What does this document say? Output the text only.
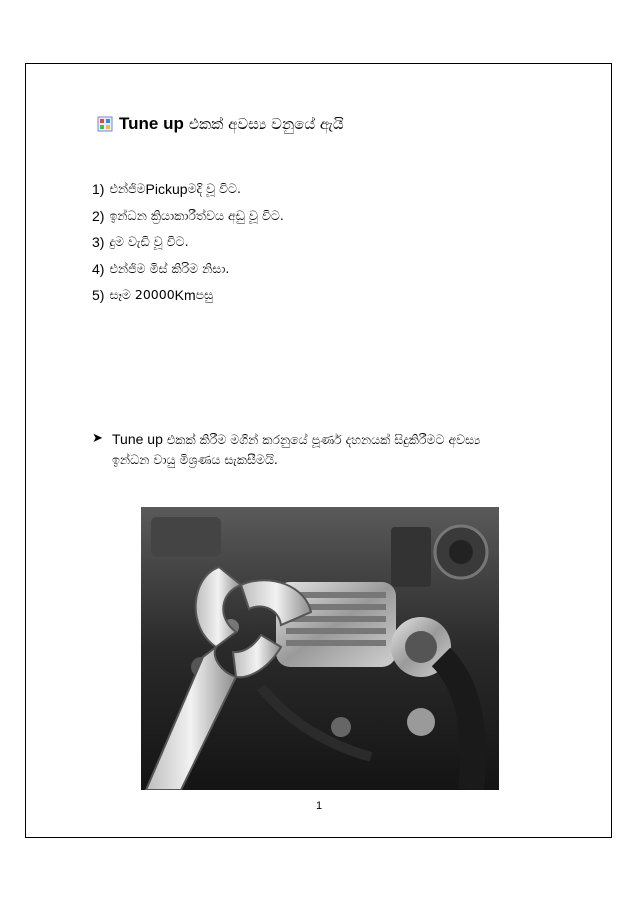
Tune up එකක් අවස්‍ය වනුයේ ඇයි
1) එන්ජිම Pickup මදි වූ විට.
2) ඉන්ධන ක්‍රියාකාරීත්වය අඩු වූ විට.
3) දුම වැඩි වූ විට.
4) එන්ජිම මිස් කිරිම නිසා.
5) සෑම 20000 Km පසු
➤ Tune up එකක් කිරීම මගින් කරනුයේ පූර්ණ දහනයක් සිදුකිරීමට අවස්‍ය
ඉන්ධන වායු මිශ්‍රණය සැකසීමයි.
1
